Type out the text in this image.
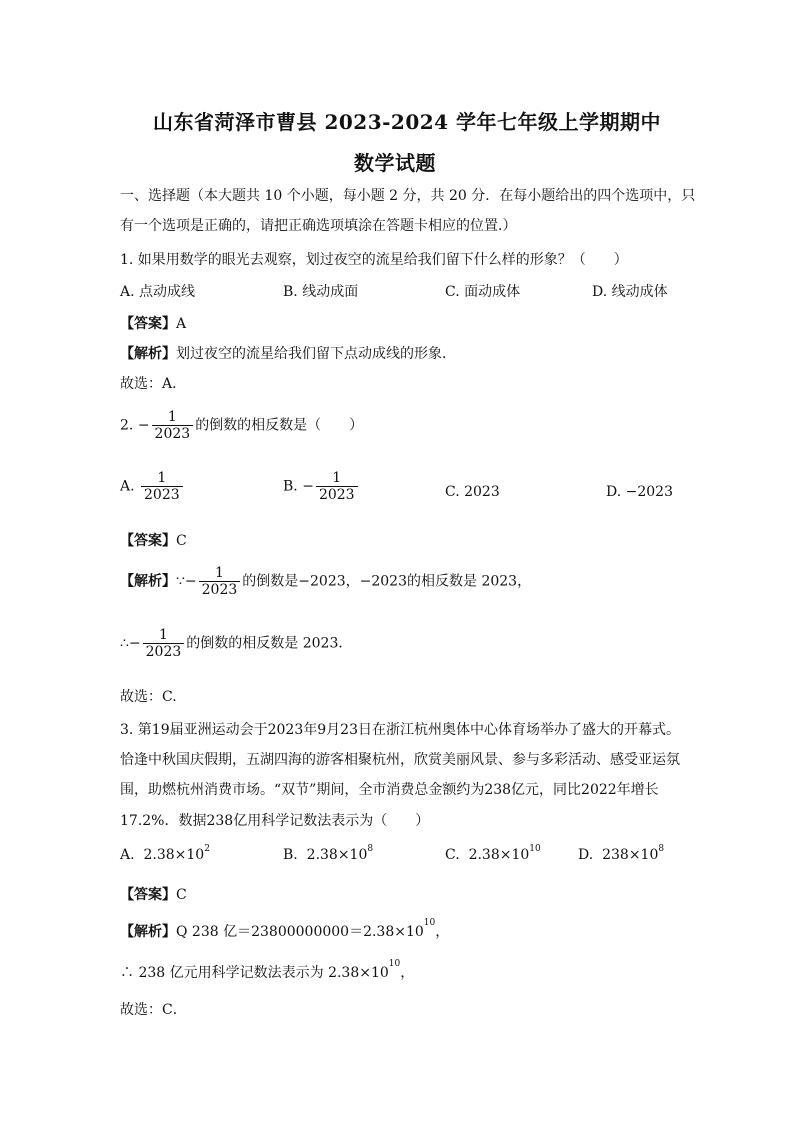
山东省菏泽市曹县 2023-2024 学年七年级上学期期中
数学试题
一、选择题（本大题共 10 个小题，每小题 2 分，共 20 分．在每小题给出的四个选项中，只
有一个选项是正确的，请把正确选项填涂在答题卡相应的位置.）
1. 如果用数学的眼光去观察，划过夜空的流星给我们留下什么样的形象？（　　）
A. 点动成线	B. 线动成面	C. 面动成体	D. 线动成体
【答案】A
【解析】划过夜空的流星给我们留下点动成线的形象．
故选：A．
2. − $\frac{1}{2023}$ 的倒数的相反数是（　　）
A. $\frac{1}{2023}$	B. − $\frac{1}{2023}$	C. 2023	D. −2023
【答案】C
【解析】∵− $\frac{1}{2023}$ 的倒数是−2023，−2023的相反数是 2023，
∴− $\frac{1}{2023}$ 的倒数的相反数是 2023．
故选：C.
3. 第19届亚洲运动会于2023年9月23日在浙江杭州奥体中心体育场举办了盛大的开幕式。
恰逢中秋国庆假期，五湖四海的游客相聚杭州，欣赏美丽风景、参与多彩活动、感受亚运氛
围，助燃杭州消费市场。“双节”期间，全市消费总金额约为238亿元，同比2022年增长
17.2%．数据238亿用科学记数法表示为（　　）
A. $2.38\times 10^2$	B. $2.38\times 10^8$	C. $2.38\times 10^{10}$	D. $238\times 10^8$
【答案】C
【解析】Q 238 亿$=23800000000=2.38\times 10^{10}$，
∴ 238 亿元用科学记数法表示为 $2.38\times 10^{10}$，
故选：C．
